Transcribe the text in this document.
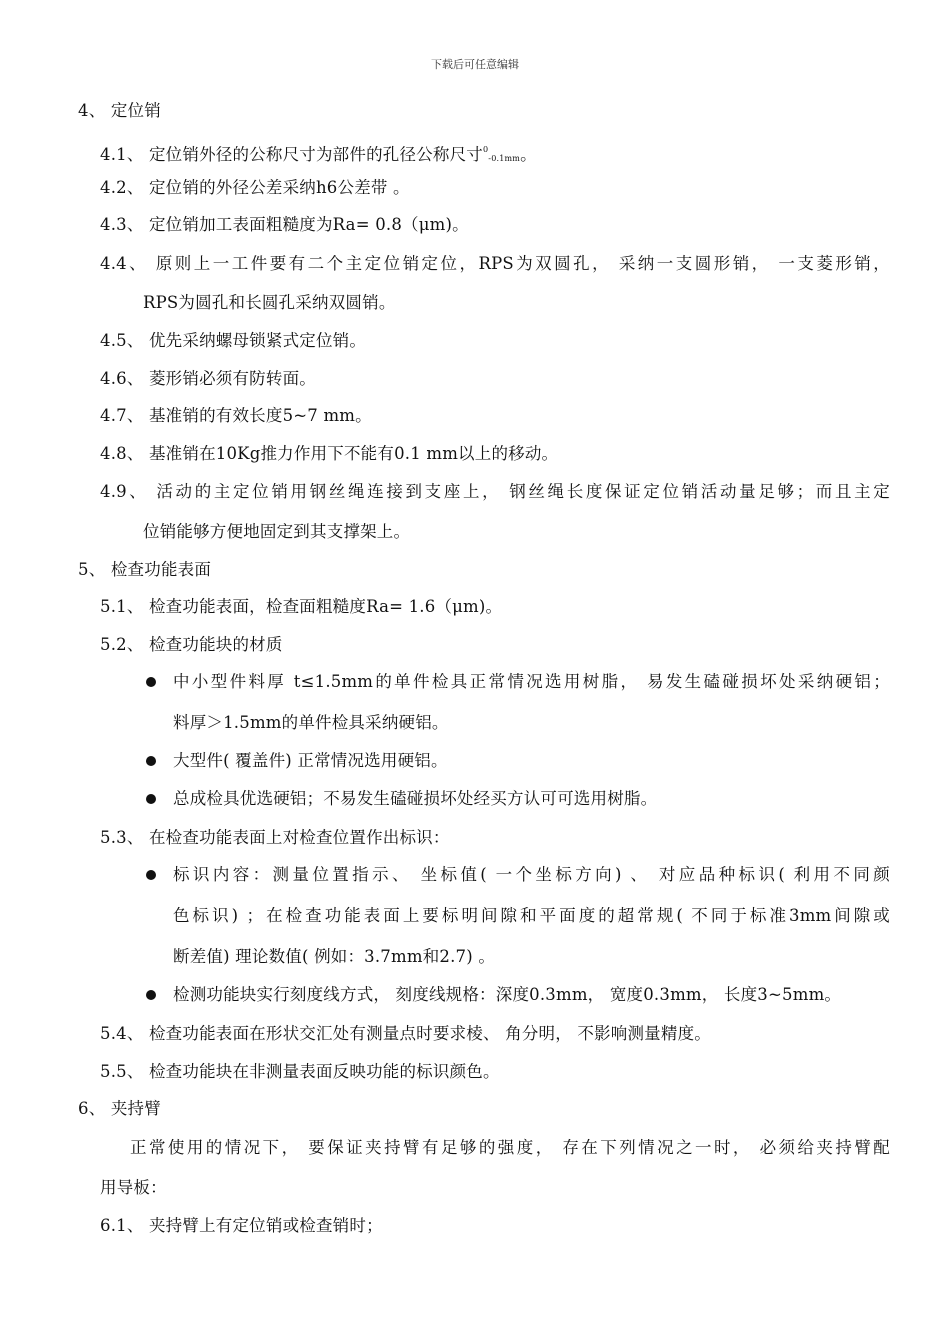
下载后可任意编辑
4、 定位销
4.1、 定位销外径的公称尺寸为部件的孔径公称尺寸$^0$-0.1mm。
4.2、 定位销的外径公差采纳h6公差带 。
4.3、 定位销加工表面粗糙度为Ra= 0.8（μm)。
4.4、 原则上一工件要有二个主定位销定位，RPS为双圆孔， 采纳一支圆形销， 一支菱形销，
RPS为圆孔和长圆孔采纳双圆销。
4.5、 优先采纳螺母锁紧式定位销。
4.6、 菱形销必须有防转面。
4.7、 基准销的有效长度5~7 mm。
4.8、 基准销在10Kg推力作用下不能有0.1 mm以上的移动。
4.9、 活动的主定位销用钢丝绳连接到支座上， 钢丝绳长度保证定位销活动量足够；而且主定
位销能够方便地固定到其支撑架上。
5、 检查功能表面
5.1、 检查功能表面，检查面粗糙度Ra= 1.6（μm)。
5.2、 检查功能块的材质
中小型件料厚 t≤1.5mm的单件检具正常情况选用树脂， 易发生磕碰损坏处采纳硬铝；
料厚＞1.5mm的单件检具采纳硬铝。
大型件( 覆盖件) 正常情况选用硬铝。
总成检具优选硬铝；不易发生磕碰损坏处经买方认可可选用树脂。
5.3、 在检查功能表面上对检查位置作出标识：
标识内容：测量位置指示、 坐标值( 一个坐标方向) 、 对应品种标识( 利用不同颜
色标识) ；在检查功能表面上要标明间隙和平面度的超常规( 不同于标准3mm间隙或
断差值) 理论数值( 例如：3.7mm和2.7) 。
检测功能块实行刻度线方式， 刻度线规格：深度0.3mm， 宽度0.3mm， 长度3~5mm。
5.4、 检查功能表面在形状交汇处有测量点时要求棱、 角分明， 不影响测量精度。
5.5、 检查功能块在非测量表面反映功能的标识颜色。
6、 夹持臂
正常使用的情况下， 要保证夹持臂有足够的强度， 存在下列情况之一时， 必须给夹持臂配
用导板：
6.1、 夹持臂上有定位销或检查销时；
